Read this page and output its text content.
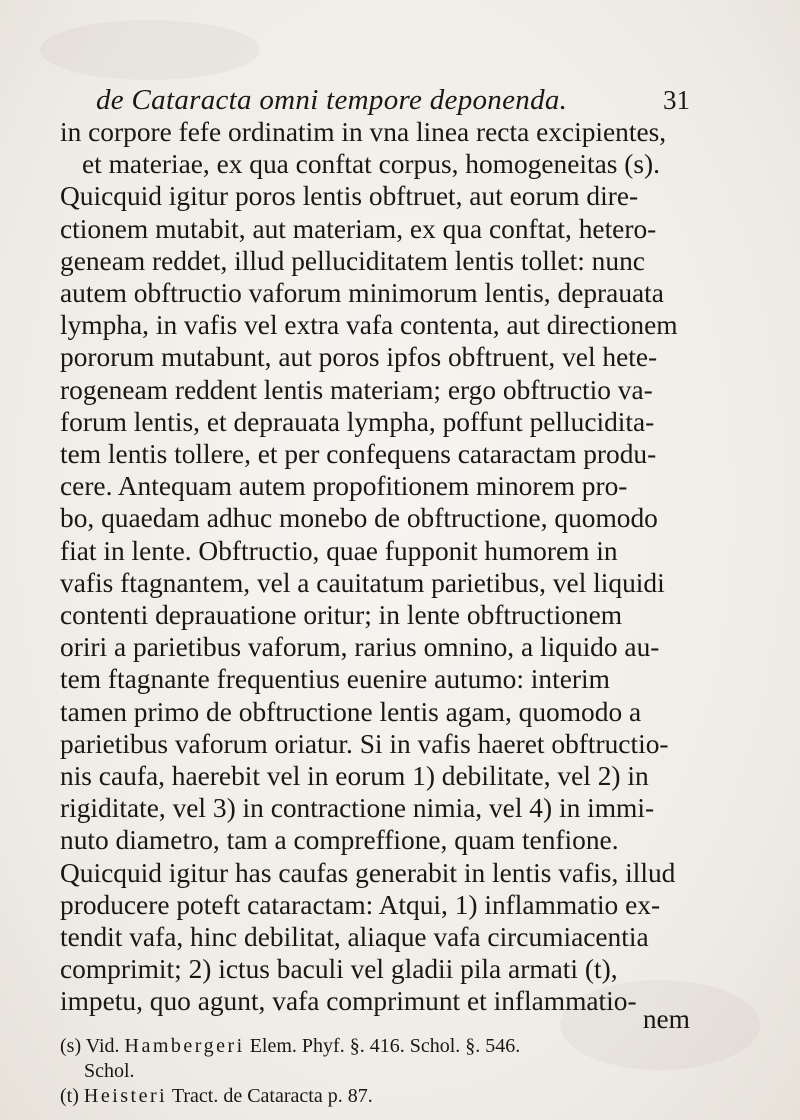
de Cataracta omni tempore deponenda.	31
in corpore fefe ordinatim in vna linea recta excipientes,
et materiae, ex qua conftat corpus, homogeneitas (s).
Quicquid igitur poros lentis obftruet, aut eorum dire-
ctionem mutabit, aut materiam, ex qua conftat, hetero-
geneam reddet, illud pelluciditatem lentis tollet: nunc
autem obftructio vaforum minimorum lentis, deprauata
lympha, in vafis vel extra vafa contenta, aut directionem
pororum mutabunt, aut poros ipfos obftruent, vel hete-
rogeneam reddent lentis materiam; ergo obftructio va-
forum lentis, et deprauata lympha, poffunt pellucidita-
tem lentis tollere, et per confequens cataractam produ-
cere. Antequam autem propofitionem minorem pro-
bo, quaedam adhuc monebo de obftructione, quomodo
fiat in lente. Obftructio, quae fupponit humorem in
vafis ftagnantem, vel a cauitatum parietibus, vel liquidi
contenti deprauatione oritur; in lente obftructionem
oriri a parietibus vaforum, rarius omnino, a liquido au-
tem ftagnante frequentius euenire autumo: interim
tamen primo de obftructione lentis agam, quomodo a
parietibus vaforum oriatur. Si in vafis haeret obftructio-
nis caufa, haerebit vel in eorum 1) debilitate, vel 2) in
rigiditate, vel 3) in contractione nimia, vel 4) in immi-
nuto diametro, tam a compreffione, quam tenfione.
Quicquid igitur has caufas generabit in lentis vafis, illud
producere poteft cataractam: Atqui, 1) inflammatio ex-
tendit vafa, hinc debilitat, aliaque vafa circumiacentia
comprimit; 2) ictus baculi vel gladii pila armati (t),
impetu, quo agunt, vafa comprimunt et inflammatio-
nem
(s) Vid. Hambergeri Elem. Phyf. §. 416. Schol. §. 546.
Schol.
(t) Heisteri Tract. de Cataracta p. 87.
